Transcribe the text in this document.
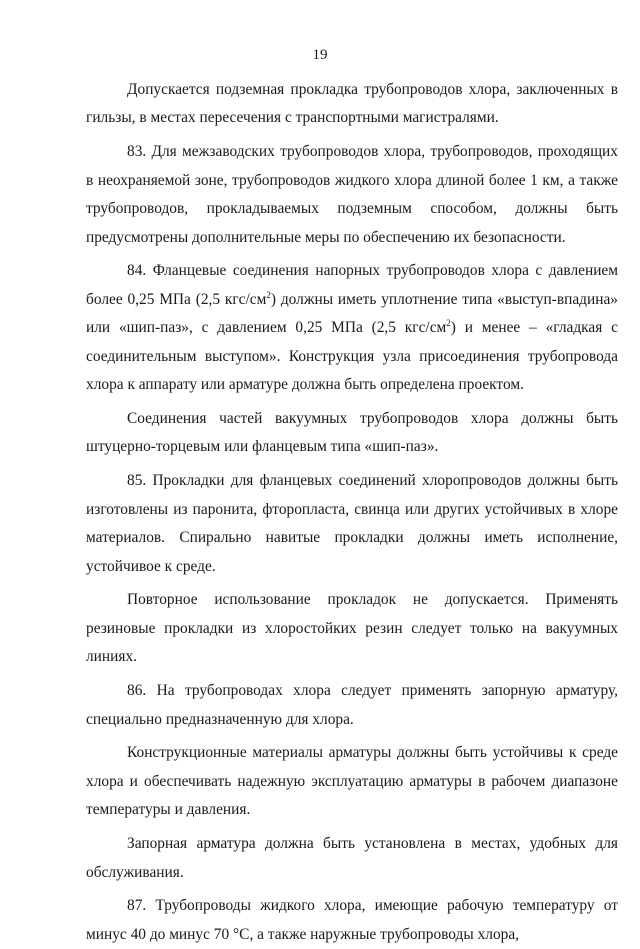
19

Допускается подземная прокладка трубопроводов хлора, заключенных в гильзы, в местах пересечения с транспортными магистралями.

83. Для межзаводских трубопроводов хлора, трубопроводов, проходящих в неохраняемой зоне, трубопроводов жидкого хлора длиной более 1 км, а также трубопроводов, прокладываемых подземным способом, должны быть предусмотрены дополнительные меры по обеспечению их безопасности.

84. Фланцевые соединения напорных трубопроводов хлора с давлением более 0,25 МПа (2,5 кгс/$см^2$) должны иметь уплотнение типа «выступ-впадина» или «шип-паз», с давлением 0,25 МПа (2,5 кгс/$см^2$) и менее – «гладкая с соединительным выступом». Конструкция узла присоединения трубопровода хлора к аппарату или арматуре должна быть определена проектом.

Соединения частей вакуумных трубопроводов хлора должны быть штуцерно-торцевым или фланцевым типа «шип-паз».

85. Прокладки для фланцевых соединений хлоропроводов должны быть изготовлены из паронита, фторопласта, свинца или других устойчивых в хлоре материалов. Спирально навитые прокладки должны иметь исполнение, устойчивое к среде.

Повторное использование прокладок не допускается. Применять резиновые прокладки из хлоростойких резин следует только на вакуумных линиях.

86. На трубопроводах хлора следует применять запорную арматуру, специально предназначенную для хлора.

Конструкционные материалы арматуры должны быть устойчивы к среде хлора и обеспечивать надежную эксплуатацию арматуры в рабочем диапазоне температуры и давления.

Запорная арматура должна быть установлена в местах, удобных для обслуживания.

87. Трубопроводы жидкого хлора, имеющие рабочую температуру от минус 40 до минус 70 °С, а также наружные трубопроводы хлора,
